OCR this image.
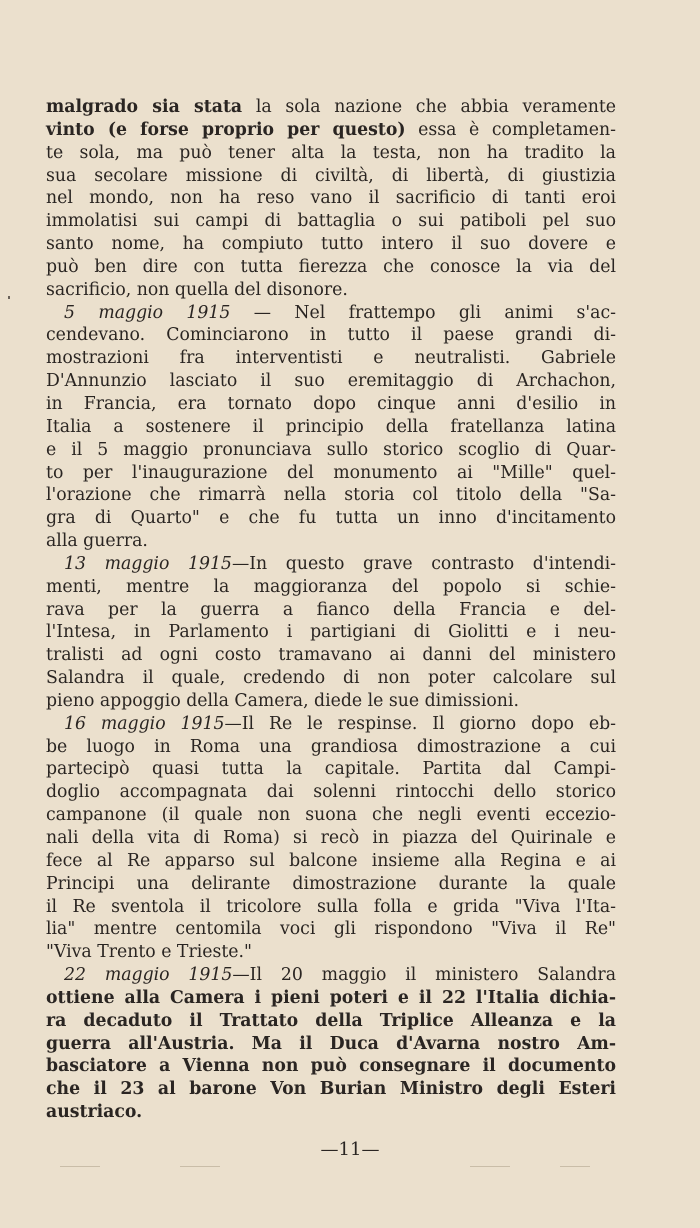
malgrado sia stata la sola nazione che abbia veramente
vinto (e forse proprio per questo) essa è completamen-
te sola, ma può tener alta la testa, non ha tradito la
sua secolare missione di civiltà, di libertà, di giustizia
nel mondo, non ha reso vano il sacrificio di tanti eroi
immolatisi sui campi di battaglia o sui patiboli pel suo
santo nome, ha compiuto tutto intero il suo dovere e
può ben dire con tutta fierezza che conosce la via del
sacrificio, non quella del disonore.
5 maggio 1915 — Nel frattempo gli animi s'ac-
cendevano. Cominciarono in tutto il paese grandi di-
mostrazioni fra interventisti e neutralisti. Gabriele
D'Annunzio lasciato il suo eremitaggio di Archachon,
in Francia, era tornato dopo cinque anni d'esilio in
Italia a sostenere il principio della fratellanza latina
e il 5 maggio pronunciava sullo storico scoglio di Quar-
to per l'inaugurazione del monumento ai "Mille" quel-
l'orazione che rimarrà nella storia col titolo della "Sa-
gra di Quarto" e che fu tutta un inno d'incitamento
alla guerra.
13 maggio 1915—In questo grave contrasto d'intendi-
menti, mentre la maggioranza del popolo si schie-
rava per la guerra a fianco della Francia e del-
l'Intesa, in Parlamento i partigiani di Giolitti e i neu-
tralisti ad ogni costo tramavano ai danni del ministero
Salandra il quale, credendo di non poter calcolare sul
pieno appoggio della Camera, diede le sue dimissioni.
16 maggio 1915—Il Re le respinse. Il giorno dopo eb-
be luogo in Roma una grandiosa dimostrazione a cui
partecipò quasi tutta la capitale. Partita dal Campi-
doglio accompagnata dai solenni rintocchi dello storico
campanone (il quale non suona che negli eventi eccezio-
nali della vita di Roma) si recò in piazza del Quirinale e
fece al Re apparso sul balcone insieme alla Regina e ai
Principi una delirante dimostrazione durante la quale
il Re sventola il tricolore sulla folla e grida "Viva l'Ita-
lia" mentre centomila voci gli rispondono "Viva il Re"
"Viva Trento e Trieste."
22 maggio 1915—Il 20 maggio il ministero Salandra
ottiene alla Camera i pieni poteri e il 22 l'Italia dichia-
ra decaduto il Trattato della Triplice Alleanza e la
guerra all'Austria. Ma il Duca d'Avarna nostro Am-
basciatore a Vienna non può consegnare il documento
che il 23 al barone Von Burian Ministro degli Esteri
austriaco.
—11—
